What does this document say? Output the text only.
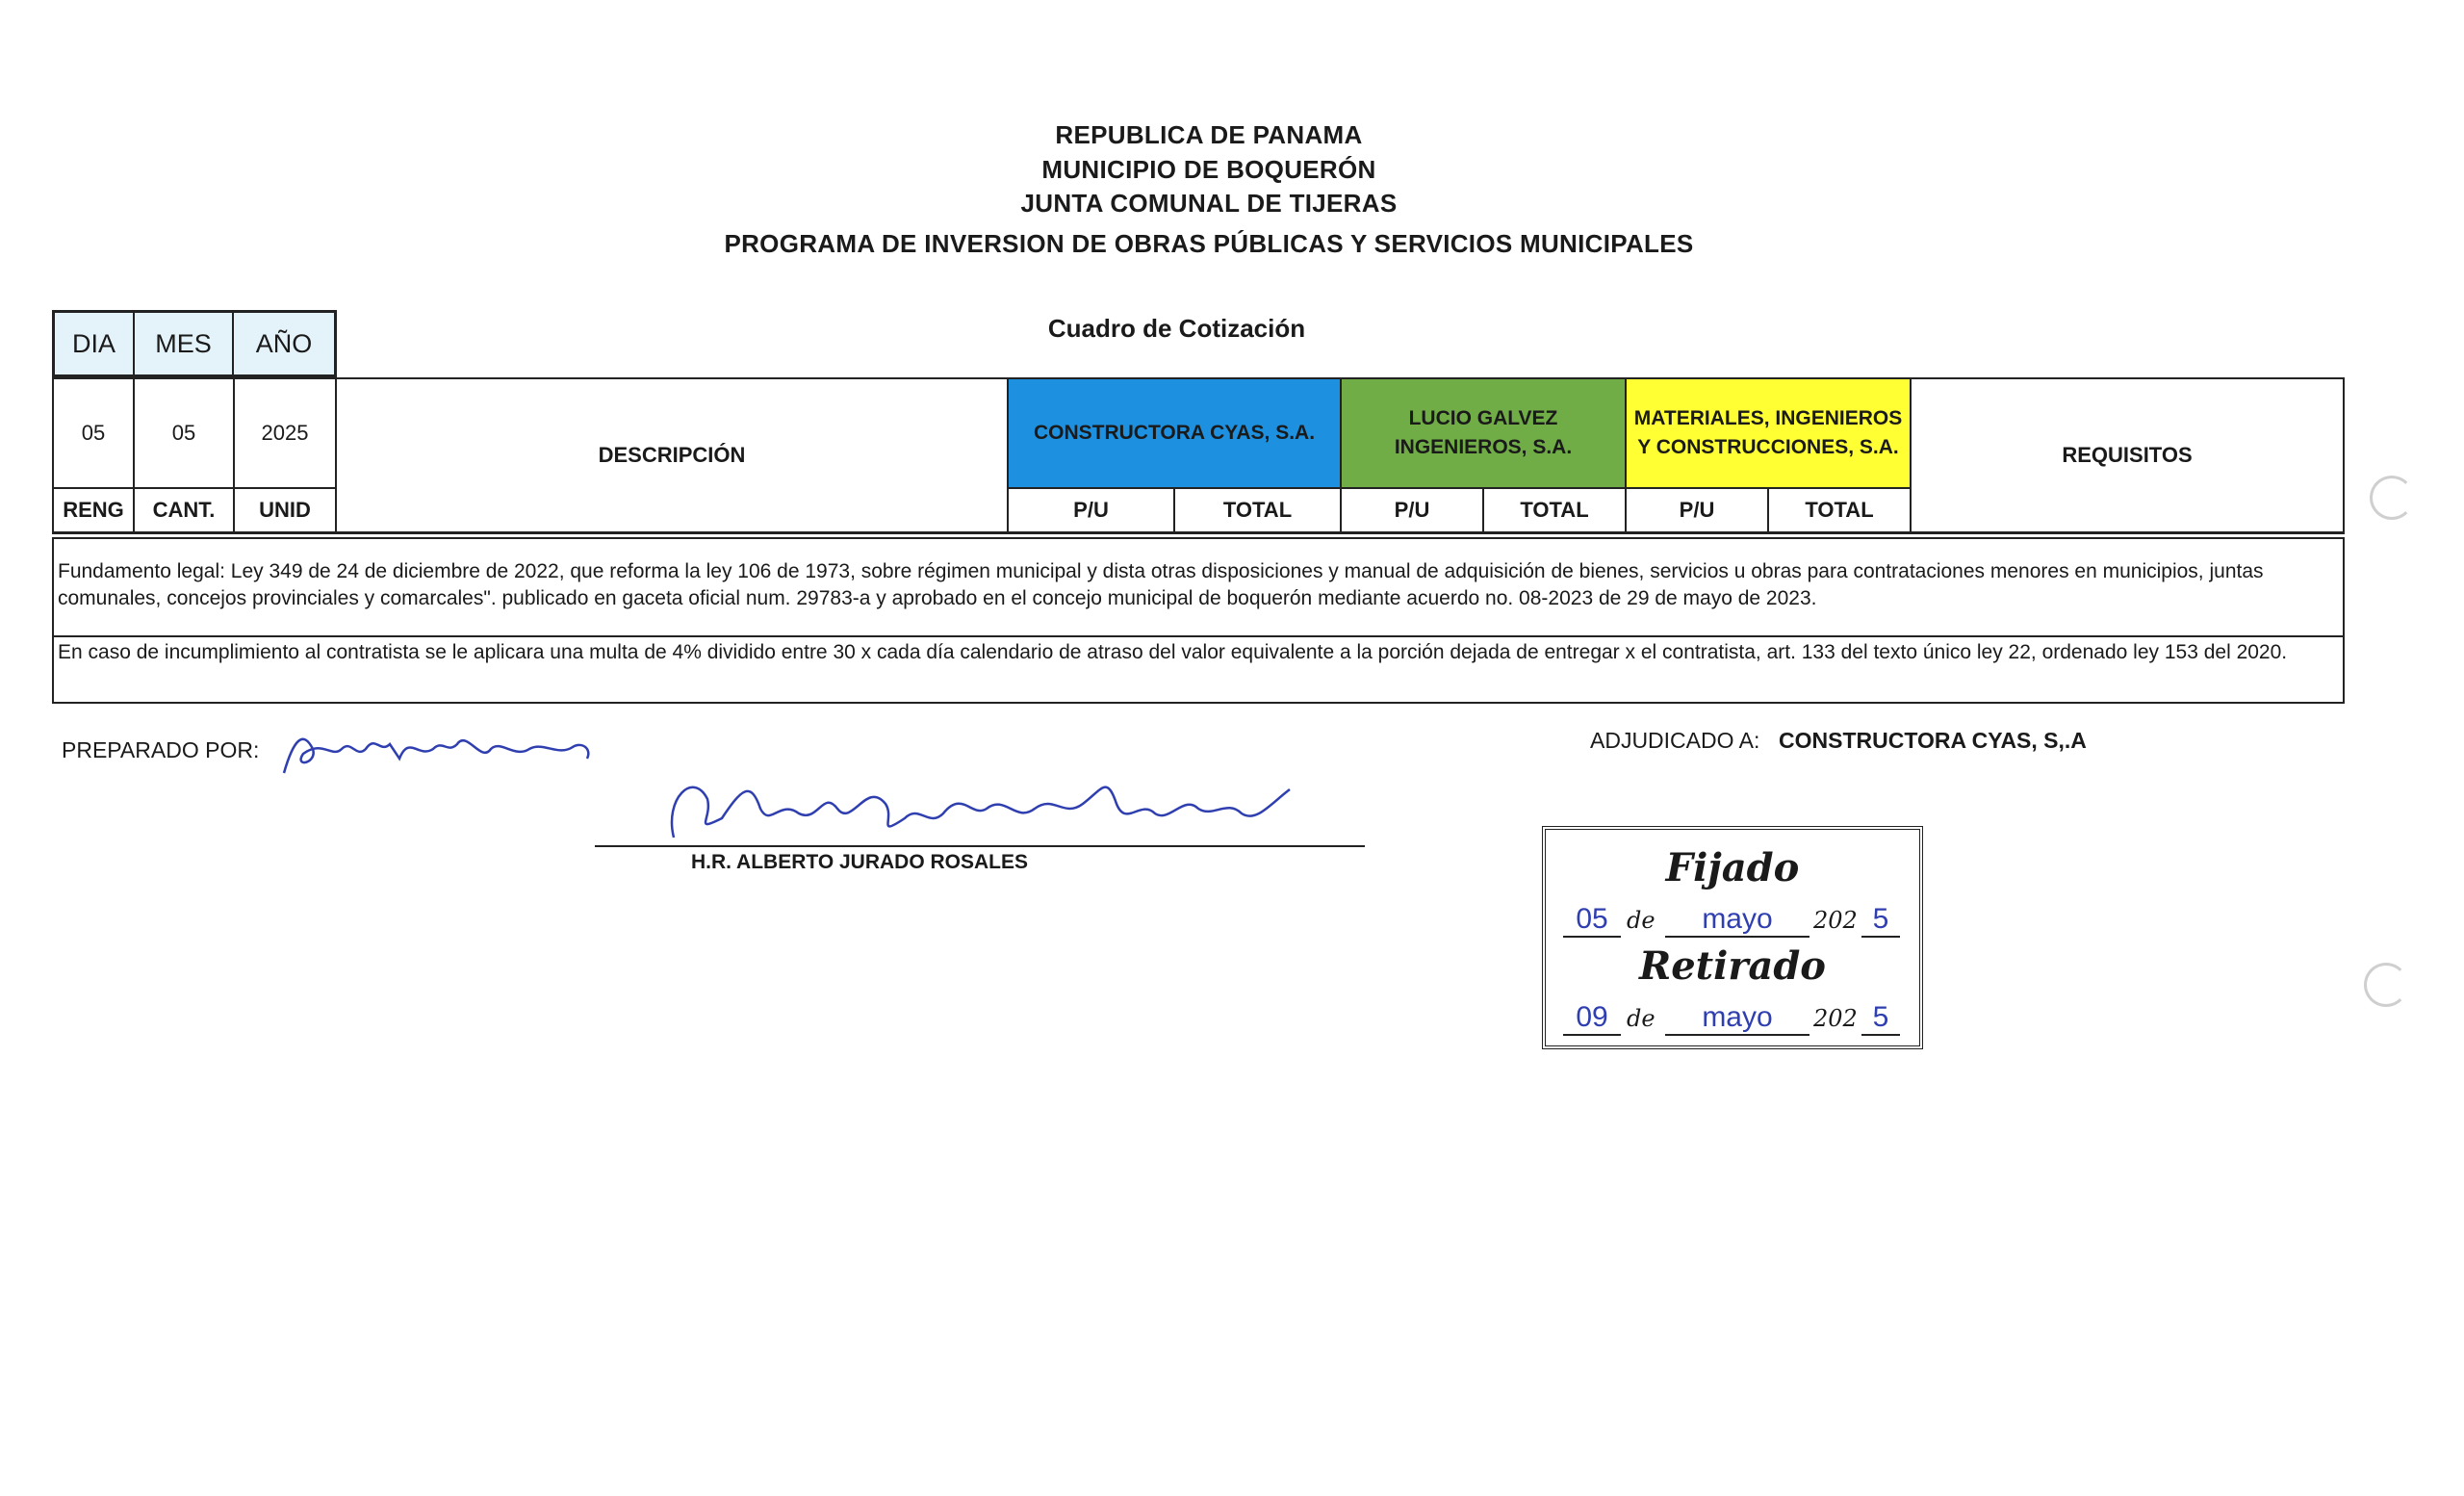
REPUBLICA DE PANAMA
MUNICIPIO DE BOQUERÓN
JUNTA COMUNAL DE TIJERAS
PROGRAMA DE INVERSION DE OBRAS PÚBLICAS Y SERVICIOS MUNICIPALES
Cuadro de Cotización
DIA	MES	AÑO
05	05	2025
RENG	CANT.	UNID
DESCRIPCIÓN
CONSTRUCTORA CYAS, S.A.
P/U	TOTAL
LUCIO GALVEZ INGENIEROS, S.A.
P/U	TOTAL
MATERIALES, INGENIEROS Y CONSTRUCCIONES, S.A.
P/U	TOTAL
REQUISITOS
Fundamento legal: Ley 349 de 24 de diciembre de 2022, que reforma la ley 106 de 1973, sobre régimen municipal y dista otras disposiciones y manual de adquisición de bienes, servicios u obras para contrataciones menores en municipios, juntas comunales, concejos provinciales y comarcales". publicado en gaceta oficial num. 29783-a y aprobado en el concejo municipal de boquerón mediante acuerdo no. 08-2023 de 29 de mayo de 2023.
En caso de incumplimiento al contratista se le aplicara una multa de 4% dividido entre 30 x cada día calendario de atraso del valor equivalente a la porción dejada de entregar x el contratista, art. 133 del texto único ley 22, ordenado ley 153 del 2020.
PREPARADO POR:
H.R. ALBERTO JURADO ROSALES
ADJUDICADO A: CONSTRUCTORA CYAS, S,.A
Fijado
05 de	mayo	202 5
Retirado
09 de	mayo	202 5
